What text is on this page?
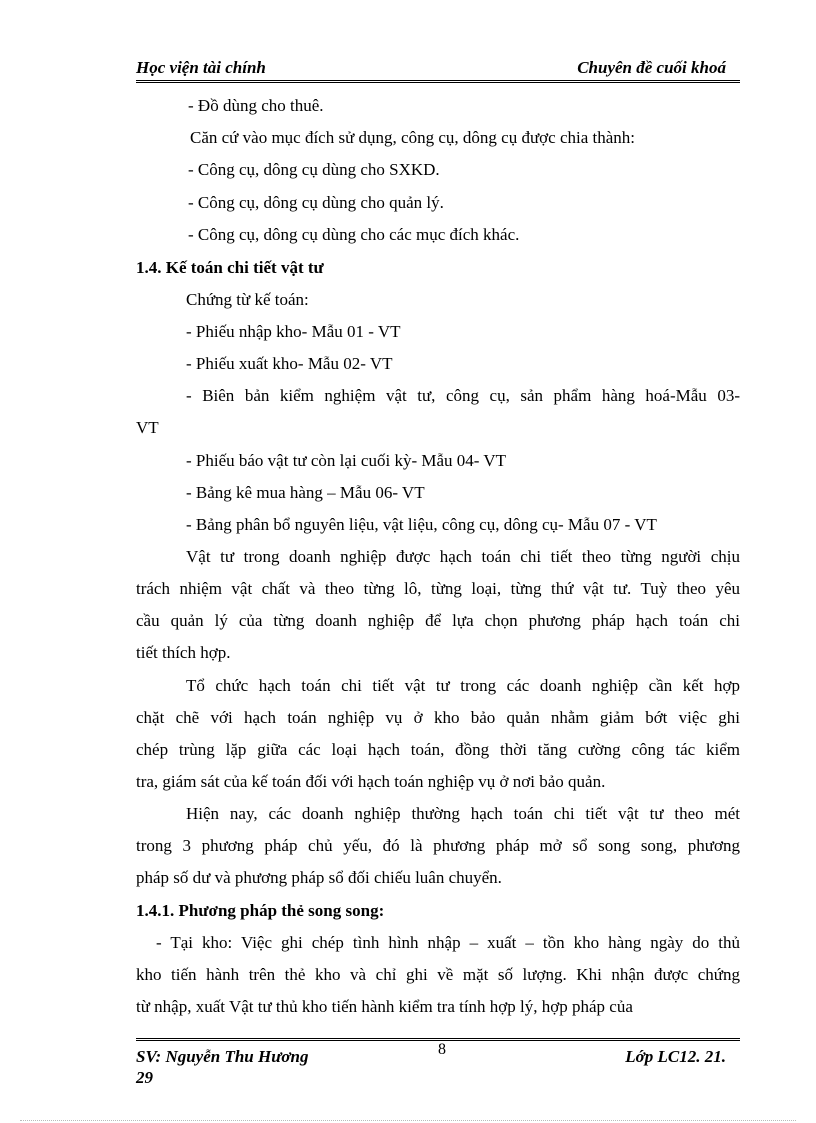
Học viện tài chính	Chuyên đề cuối khoá
- Đồ dùng cho thuê.
Căn cứ vào mục đích sử dụng, công cụ, dông cụ được chia thành:
- Công cụ, dông cụ dùng cho SXKD.
- Công cụ, dông cụ dùng cho quản lý.
- Công cụ, dông cụ dùng cho các mục đích khác.
1.4. Kế toán chi tiết vật tư
Chứng từ kế toán:
- Phiếu nhập kho- Mẫu 01 - VT
- Phiếu xuất kho- Mẫu 02- VT
- Biên bản kiểm nghiệm vật tư, công cụ, sản phẩm hàng hoá-Mẫu 03-
VT
- Phiếu báo vật tư còn lại cuối kỳ- Mẫu 04- VT
- Bảng kê mua hàng – Mẫu 06- VT
- Bảng phân bổ nguyên liệu, vật liệu, công cụ, dông cụ- Mẫu 07 - VT
Vật tư trong doanh nghiệp được hạch toán chi tiết theo từng người chịu
trách nhiệm vật chất và theo từng lô, từng loại, từng thứ vật tư. Tuỳ theo yêu
cầu quản lý của từng doanh nghiệp để lựa chọn phương pháp hạch toán chi
tiết thích hợp.
Tổ chức hạch toán chi tiết vật tư trong các doanh nghiệp cần kết hợp
chặt chẽ với hạch toán nghiệp vụ ở kho bảo quản nhằm giảm bớt việc ghi
chép trùng lặp giữa các loại hạch toán, đồng thời tăng cường công tác kiểm
tra, giám sát của kế toán đối với hạch toán nghiệp vụ ở nơi bảo quản.
Hiện nay, các doanh nghiệp thường hạch toán chi tiết vật tư theo mét
trong 3 phương pháp chủ yếu, đó là phương pháp mở sổ song song, phương
pháp số dư và phương pháp sổ đối chiếu luân chuyển.
1.4.1. Phương pháp thẻ song song:
- Tại kho: Việc ghi chép tình hình nhập – xuất – tồn kho hàng ngày do thủ
kho tiến hành trên thẻ kho và chỉ ghi về mặt số lượng. Khi nhận được chứng
từ nhập, xuất Vật tư thủ kho tiến hành kiểm tra tính hợp lý, hợp pháp của
SV: Nguyễn Thu Hương
29
8	Lớp LC12. 21.
